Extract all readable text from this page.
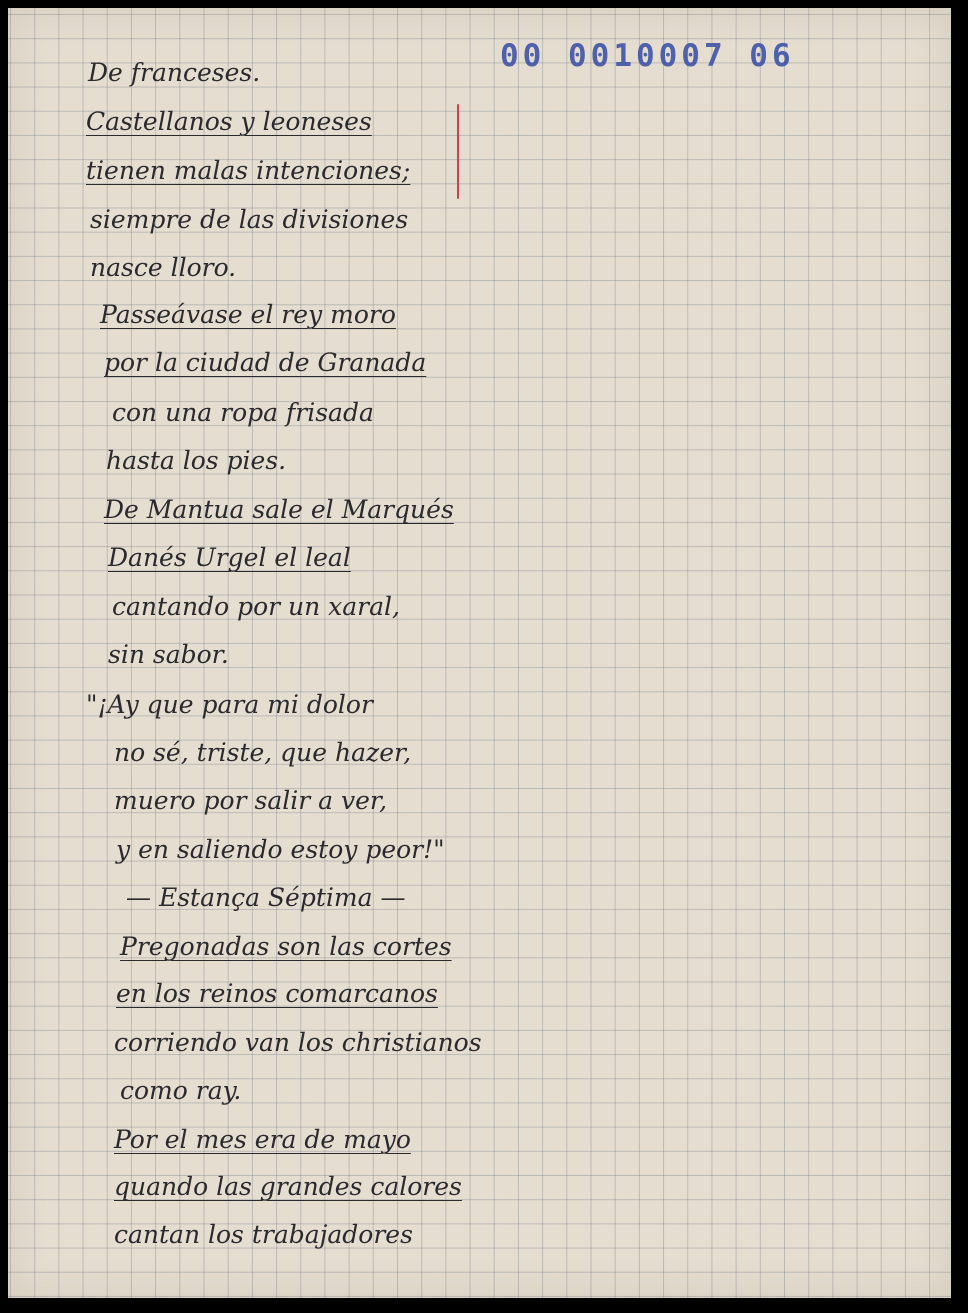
00 0010007 06
De franceses.
Castellanos y leoneses
tienen malas intenciones;
siempre de las divisiones
nasce lloro.
Passeávase el rey moro
por la ciudad de Granada
con una ropa frisada
hasta los pies.
De Mantua sale el Marqués
Danés Urgel el leal
cantando por un xaral,
sin sabor.
"¡Ay que para mi dolor
no sé, triste, que hazer,
muero por salir a ver,
y en saliendo estoy peor!"
— Estança Séptima —
Pregonadas son las cortes
en los reinos comarcanos
corriendo van los christianos
como ray.
Por el mes era de mayo
quando las grandes calores
cantan los trabajadores
